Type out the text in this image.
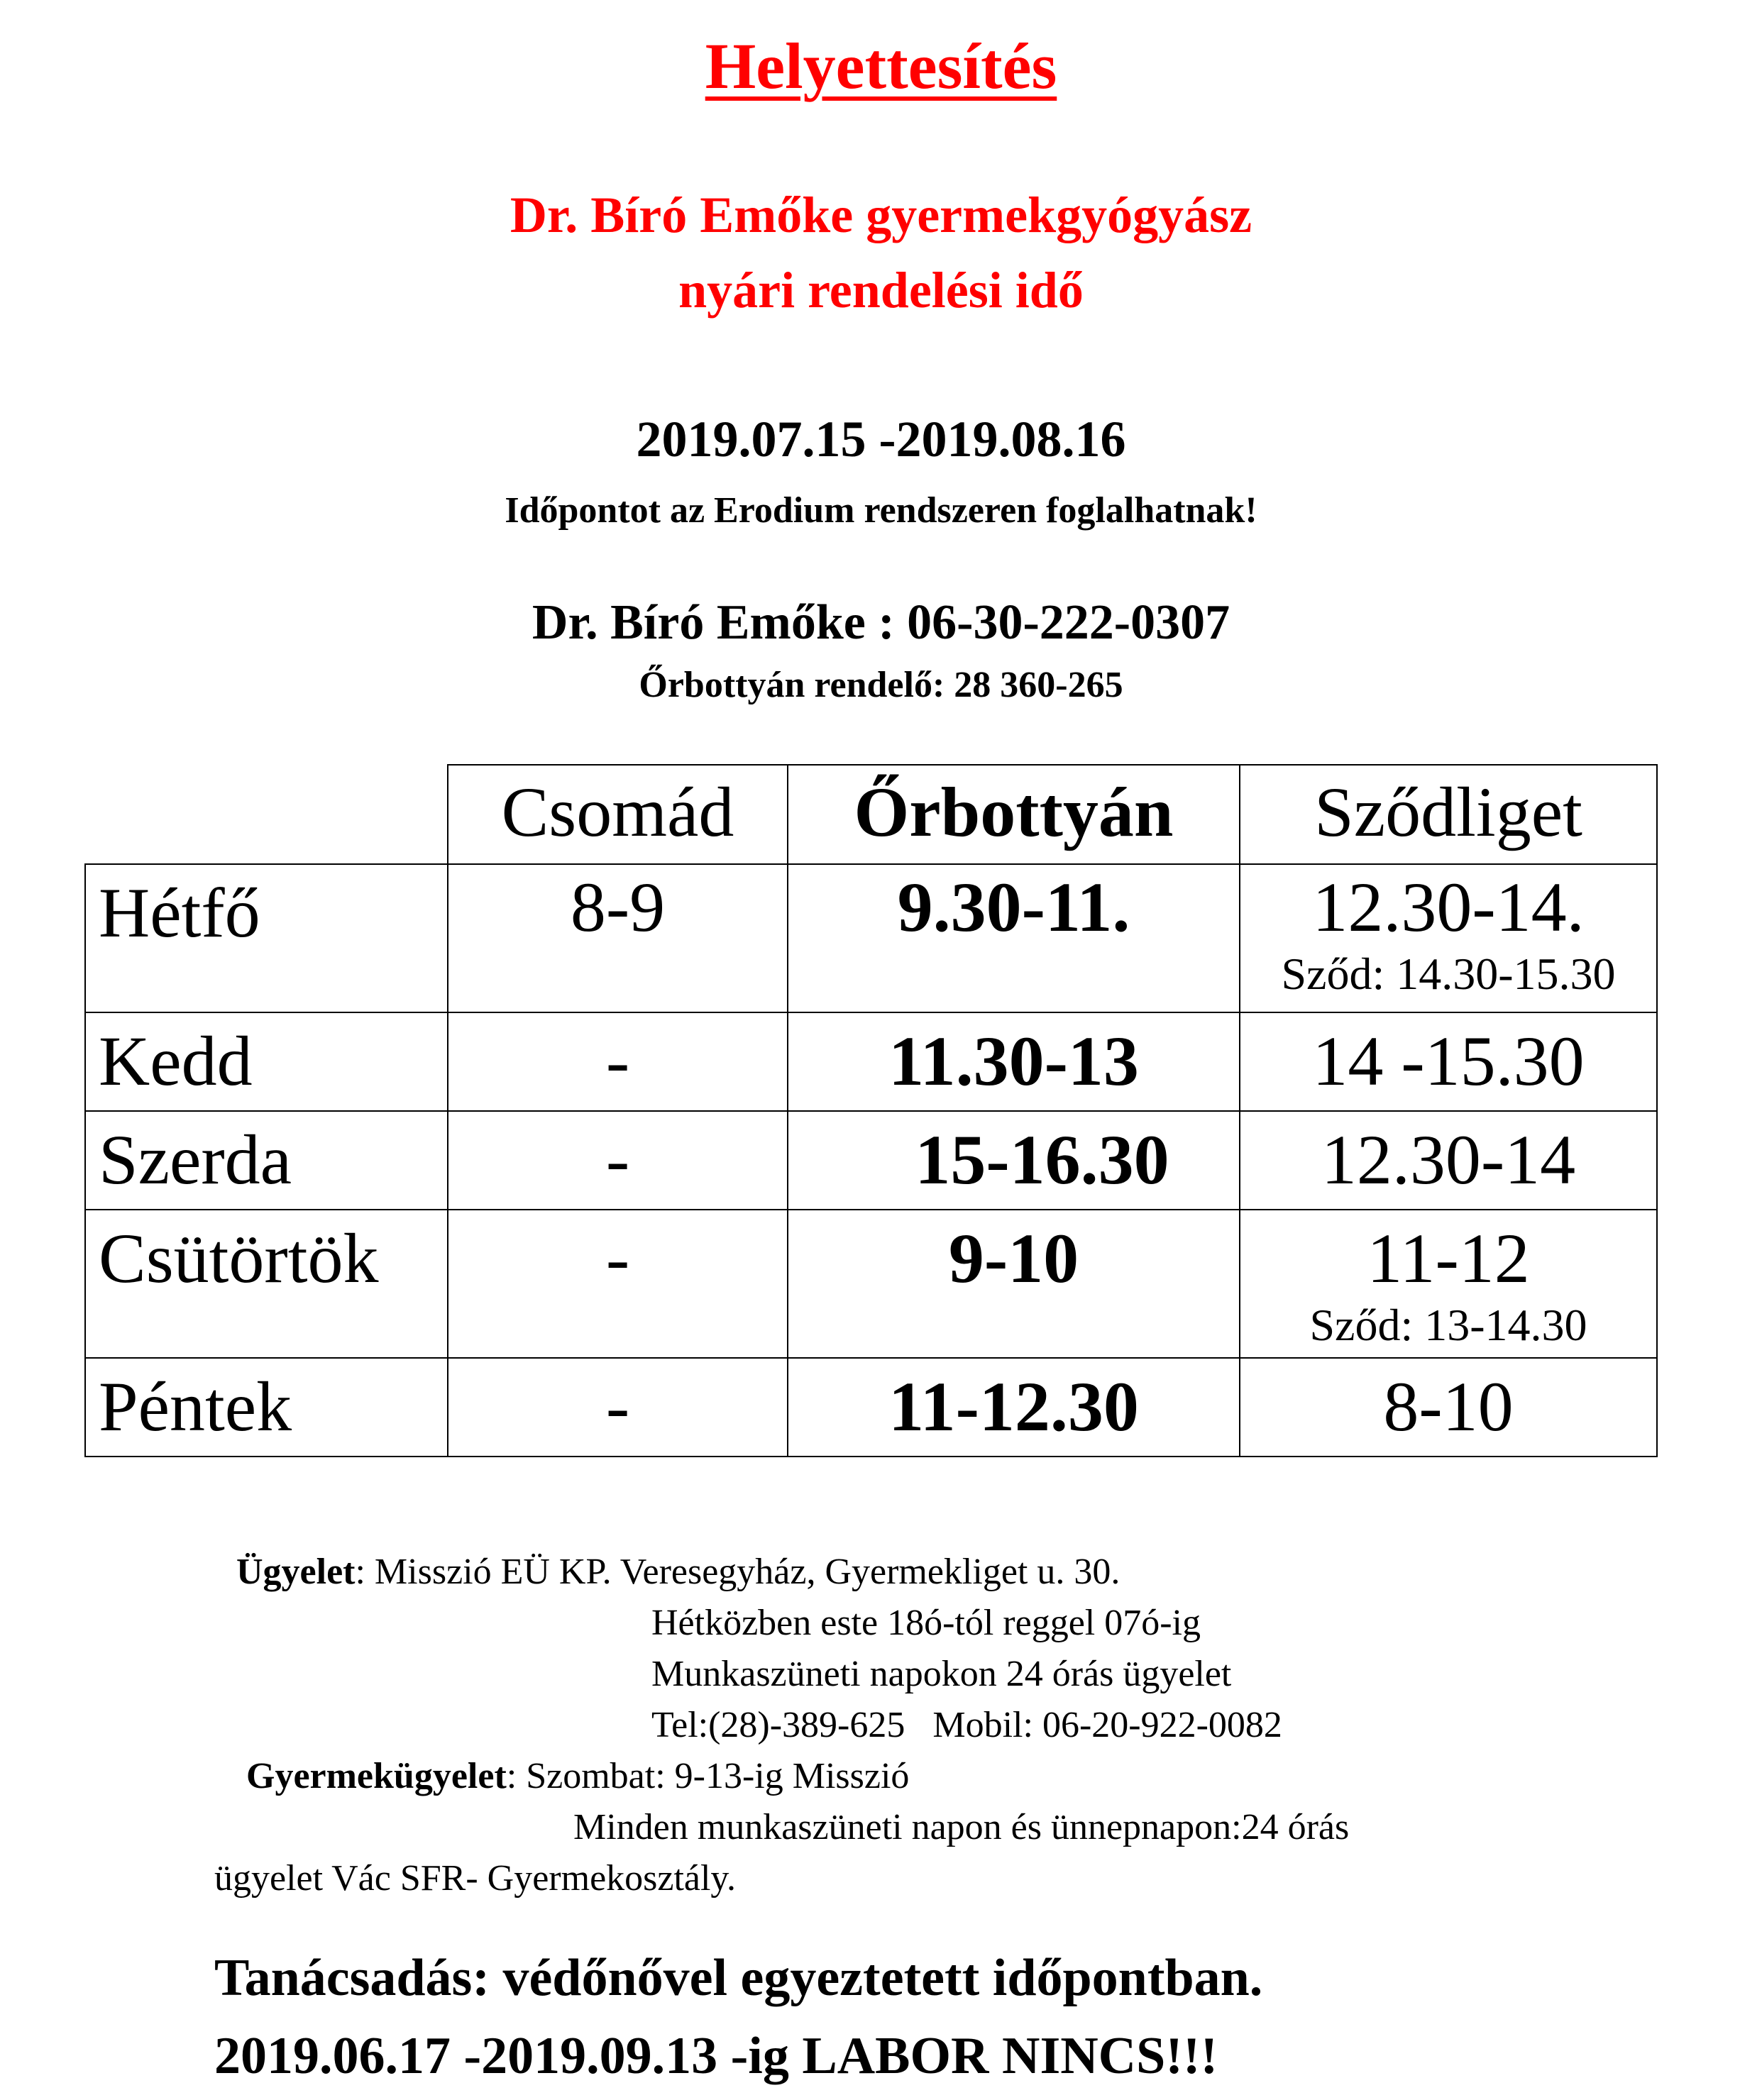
Helyettesítés
Dr. Bíró Emőke gyermekgyógyász
nyári rendelési idő
2019.07.15 -2019.08.16
Időpontot az Erodium rendszeren foglalhatnak!
Dr. Bíró Emőke : 06-30-222-0307
Őrbottyán rendelő: 28 360-265

	Csomád	Őrbottyán	Sződliget

Hétfő	8-9	9.30-11.	12.30-14.
Sződ: 14.30-15.30

Kedd	-	11.30-13	14 -15.30

Szerda	-	15-16.30	12.30-14

Csütörtök	-	9-10	11-12
Sződ: 13-14.30

Péntek	-	11-12.30	8-10
Ügyelet: Misszió EÜ KP. Veresegyház, Gyermekliget u. 30.
Hétközben este 18ó-tól reggel 07ó-ig
Munkaszüneti napokon 24 órás ügyelet
Tel:(28)-389-625   Mobil: 06-20-922-0082
Gyermekügyelet: Szombat: 9-13-ig Misszió
Minden munkaszüneti napon és ünnepnapon:24 órás
ügyelet Vác SFR- Gyermekosztály.
Tanácsadás: védőnővel egyeztetett időpontban.
2019.06.17 -2019.09.13 -ig LABOR NINCS!!!
